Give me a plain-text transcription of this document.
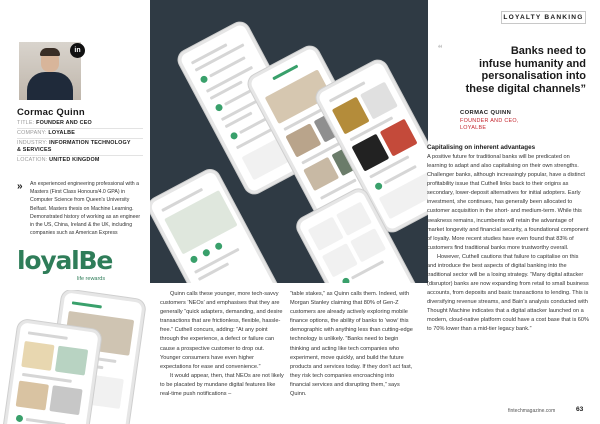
in
Cormac Quinn
TITLE: FOUNDER AND CEO
COMPANY: LOYALBE
INDUSTRY: INFORMATION TECHNOLOGY
& SERVICES
LOCATION: UNITED KINGDOM
» An experienced engineering professional with a Masters (First Class Honours/4.0 GPA) in Computer Science from Queen's University Belfast. Masters thesis on Machine Learning. Demonstrated history of working as an engineer in the US, China, Ireland & the UK, including companies such as American Express
loyalBe
life rewards
LOYALTY BANKING
“	Banks need to
infuse humanity and
personalisation into
these digital channels”
CORMAC QUINN
FOUNDER AND CEO,
LOYALBE
Capitalising on inherent advantages

A positive future for traditional banks will be predicated on learning to adapt and also capitalising on their own strengths. Challenger banks, although increasingly popular, have a distinct profitability issue that Cuthell links back to their origins as secondary, lower-deposit alternatives for initial adopters. Early investment, she continues, has generally been allocated to customer acquisition in the short- and medium-term. While this weakness remains, incumbents will retain the advantage of market longevity and financial security, a foundational component of loyalty. More recent studies have even found that 83% of customers find traditional banks more trustworthy overall.

However, Cuthell cautions that failure to capitalise on this and introduce the best aspects of digital banking into the traditional sector will be a losing strategy. “Many digital attacker (disruptor) banks are now expanding from retail to small business accounts, from deposits and basic transactions to lending. This is diversifying revenue streams, and Bain's analysis conducted with Thought Machine indicates that a digital attacker launched on a modern, cloud-native platform could have a cost base that is 60% to 70% lower than a mid-tier legacy bank.”

Quinn calls these younger, more tech-savvy customers ‘NEOs’ and emphasises that they are generally “quick adapters, demanding, and desire transactions that are frictionless, flexible, hassle-free.” Cuthell concurs, adding: “At any point through the experience, a defect or failure can cause a prospective customer to drop out. Younger consumers have even higher expectations for ease and convenience.”

It would appear, then, that NEOs are not likely to be placated by mundane digital features like real-time push notifications –

“table stakes,” as Quinn calls them. Indeed, with Morgan Stanley claiming that 80% of Gen-Z customers are already actively exploring mobile finance options, the ability of banks to ‘wow’ this demographic with anything less than cutting-edge technology is unlikely. “Banks need to begin thinking and acting like tech companies who experiment, move quickly, and build the future products and services today. If they don't act fast, they risk tech companies encroaching into financial services and disrupting them,” says Quinn.

fintechmagazine.com	63
